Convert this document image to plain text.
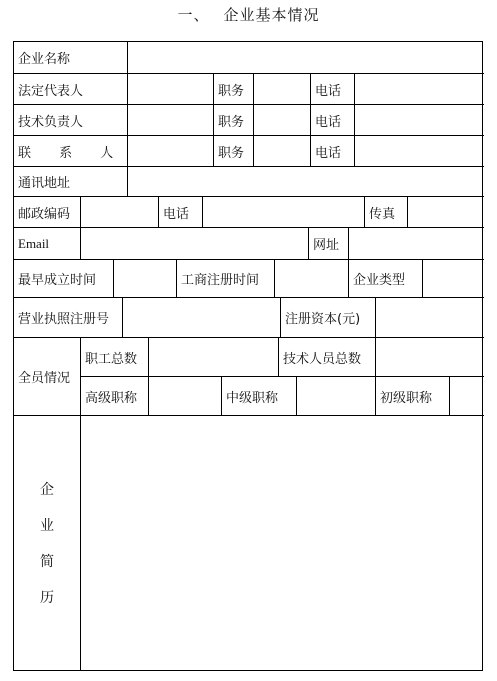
一、 企业基本情况
企业名称
法定代表人	职务	电话
技术负责人	职务	电话
联 系 人	职务	电话
通讯地址
邮政编码	电话	传真
Email	网址
最早成立时间	工商注册时间	企业类型
营业执照注册号	注册资本(元)
全员情况
职工总数	技术人员总数
高级职称	中级职称	初级职称
企
业
简
历
